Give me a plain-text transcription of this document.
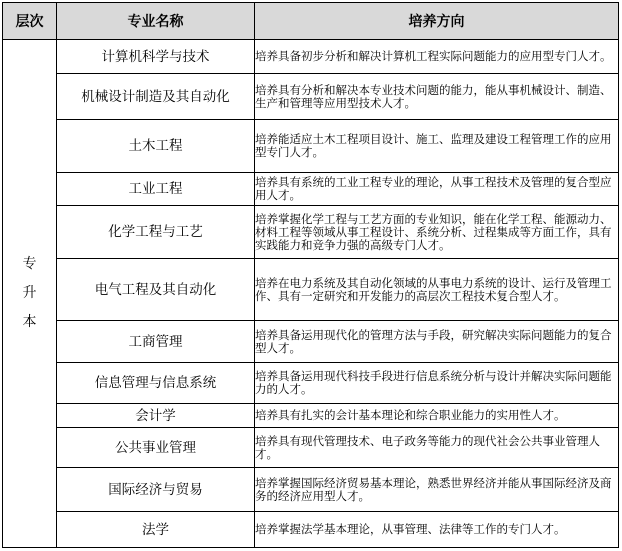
层次	专业名称	培养方向
专升本	计算机科学与技术	培养具备初步分析和解决计算机工程实际问题能力的应用型专门人才。
	机械设计制造及其自动化	培养具有分析和解决本专业技术问题的能力，能从事机械设计、制造、生产和管理等应用型技术人才。
	土木工程	培养能适应土木工程项目设计、施工、监理及建设工程管理工作的应用型专门人才。
	工业工程	培养具有系统的工业工程专业的理论，从事工程技术及管理的复合型应用人才。
	化学工程与工艺	培养掌握化学工程与工艺方面的专业知识，能在化学工程、能源动力、材料工程等领域从事工程设计、系统分析、过程集成等方面工作，具有实践能力和竞争力强的高级专门人才。
	电气工程及其自动化	培养在电力系统及其自动化领域的从事电力系统的设计、运行及管理工作、具有一定研究和开发能力的高层次工程技术复合型人才。
	工商管理	培养具备运用现代化的管理方法与手段，研究解决实际问题能力的复合型人才。
	信息管理与信息系统	培养具备运用现代科技手段进行信息系统分析与设计并解决实际问题能力的人才。
	会计学	培养具有扎实的会计基本理论和综合职业能力的实用性人才。
	公共事业管理	培养具有现代管理技术、电子政务等能力的现代社会公共事业管理人才。
	国际经济与贸易	培养掌握国际经济贸易基本理论，熟悉世界经济并能从事国际经济及商务的经济应用型人才。
	法学	培养掌握法学基本理论，从事管理、法律等工作的专门人才。
